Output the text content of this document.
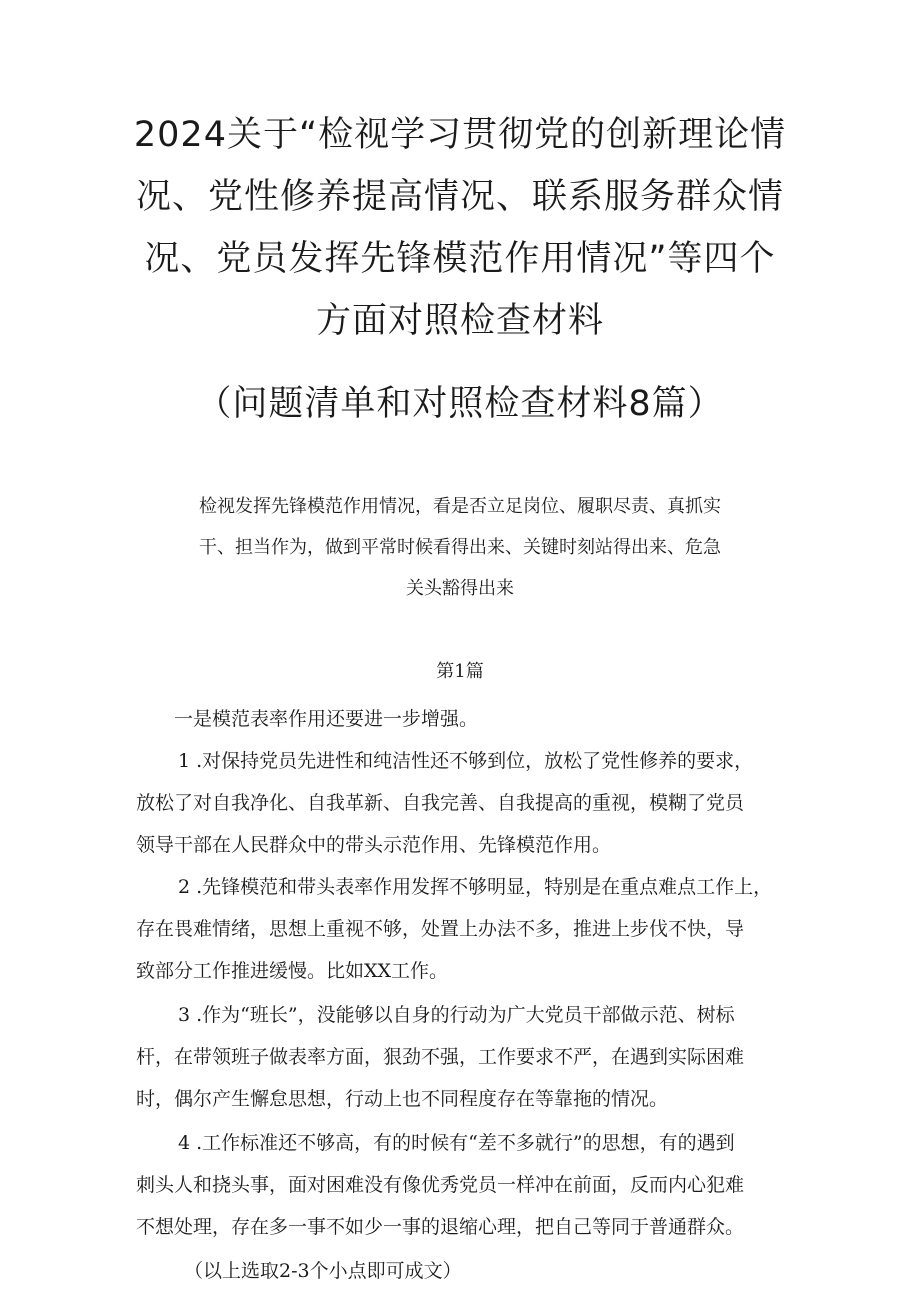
2024关于“检视学习贯彻党的创新理论情
况、党性修养提高情况、联系服务群众情
况、党员发挥先锋模范作用情况”等四个
方面对照检查材料
（问题清单和对照检查材料8篇）
检视发挥先锋模范作用情况，看是否立足岗位、履职尽责、真抓实
干、担当作为，做到平常时候看得出来、关键时刻站得出来、危急
关头豁得出来
第1篇
一是模范表率作用还要进一步增强。
1 .对保持党员先进性和纯洁性还不够到位，放松了党性修养的要求，
放松了对自我净化、自我革新、自我完善、自我提高的重视，模糊了党员
领导干部在人民群众中的带头示范作用、先锋模范作用。
2 .先锋模范和带头表率作用发挥不够明显，特别是在重点难点工作上，
存在畏难情绪，思想上重视不够，处置上办法不多，推进上步伐不快，导
致部分工作推进缓慢。比如XX工作。
3 .作为“班长”，没能够以自身的行动为广大党员干部做示范、树标
杆，在带领班子做表率方面，狠劲不强，工作要求不严，在遇到实际困难
时，偶尔产生懈怠思想，行动上也不同程度存在等靠拖的情况。
4 .工作标准还不够高，有的时候有“差不多就行”的思想，有的遇到
刺头人和挠头事，面对困难没有像优秀党员一样冲在前面，反而内心犯难
不想处理，存在多一事不如少一事的退缩心理，把自己等同于普通群众。
（以上选取2-3个小点即可成文）
